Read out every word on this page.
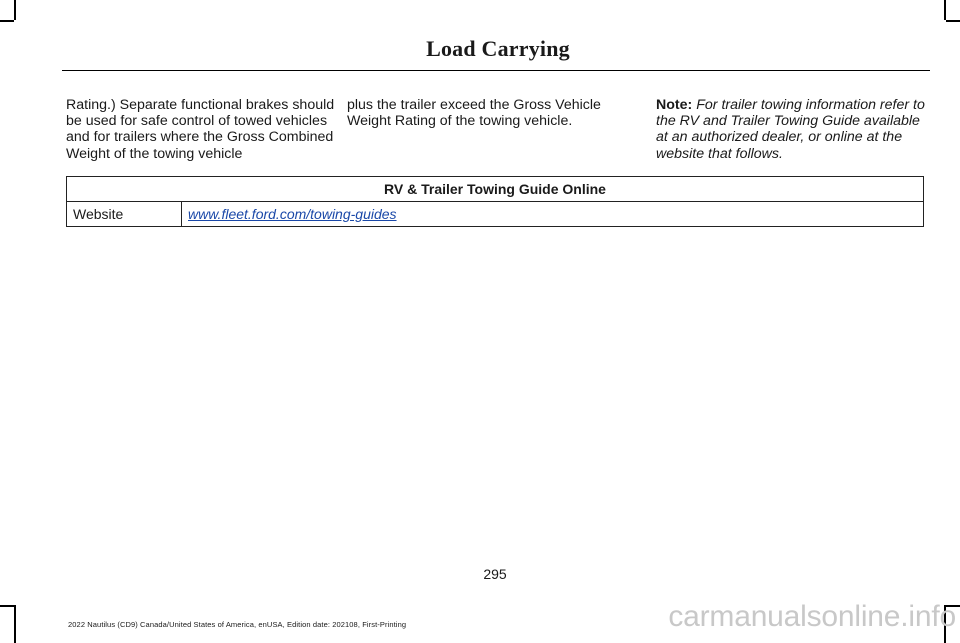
Load Carrying
Rating.) Separate functional brakes should be used for safe control of towed vehicles and for trailers where the Gross Combined Weight of the towing vehicle
plus the trailer exceed the Gross Vehicle Weight Rating of the towing vehicle.
Note: For trailer towing information refer to the RV and Trailer Towing Guide available at an authorized dealer, or online at the website that follows.
RV & Trailer Towing Guide Online
Website	www.fleet.ford.com/towing-guides
295
2022 Nautilus (CD9) Canada/United States of America, enUSA, Edition date: 202108, First-Printing	carmanualsonline.info
